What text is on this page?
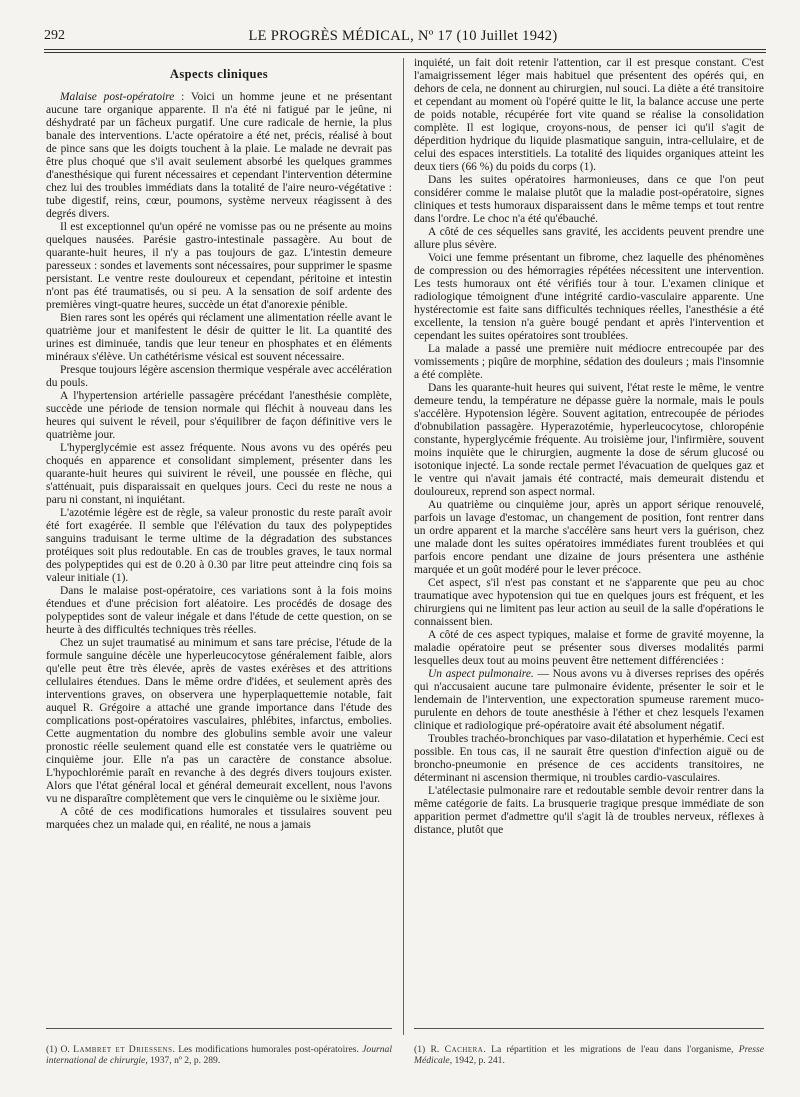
292	LE PROGRÈS MÉDICAL, Nº 17 (10 Juillet 1942)
Aspects cliniques

Malaise post-opératoire : Voici un homme jeune et ne présentant aucune tare organique apparente. Il n'a été ni fatigué par le jeûne, ni déshydraté par un fâcheux purgatif. Une cure radicale de hernie, la plus banale des interventions. L'acte opératoire a été net, précis, réalisé à bout de pince sans que les doigts touchent à la plaie. Le malade ne devrait pas être plus choqué que s'il avait seulement absorbé les quelques grammes d'anesthésique qui furent nécessaires et cependant l'intervention détermine chez lui des troubles immédiats dans la totalité de l'aire neuro-végétative : tube digestif, reins, cœur, poumons, système nerveux réagissent à des degrés divers.

Il est exceptionnel qu'un opéré ne vomisse pas ou ne présente au moins quelques nausées. Parésie gastro-intestinale passagère. Au bout de quarante-huit heures, il n'y a pas toujours de gaz. L'intestin demeure paresseux : sondes et lavements sont nécessaires, pour supprimer le spasme persistant. Le ventre reste douloureux et cependant, péritoine et intestin n'ont pas été traumatisés, ou si peu. A la sensation de soif ardente des premières vingt-quatre heures, succède un état d'anorexie pénible.

Bien rares sont les opérés qui réclament une alimentation réelle avant le quatrième jour et manifestent le désir de quitter le lit. La quantité des urines est diminuée, tandis que leur teneur en phosphates et en éléments minéraux s'élève. Un cathétérisme vésical est souvent nécessaire.

Presque toujours légère ascension thermique vespérale avec accélération du pouls.

A l'hypertension artérielle passagère précédant l'anesthésie complète, succède une période de tension normale qui fléchit à nouveau dans les heures qui suivent le réveil, pour s'équilibrer de façon définitive vers le quatrième jour.

L'hyperglycémie est assez fréquente. Nous avons vu des opérés peu choqués en apparence et consolidant simplement, présenter dans les quarante-huit heures qui suivirent le réveil, une poussée en flèche, qui s'atténuait, puis disparaissait en quelques jours. Ceci du reste ne nous a paru ni constant, ni inquiétant.

L'azotémie légère est de règle, sa valeur pronostic du reste paraît avoir été fort exagérée. Il semble que l'élévation du taux des polypeptides sanguins traduisant le terme ultime de la dégradation des substances protéiques soit plus redoutable. En cas de troubles graves, le taux normal des polypeptides qui est de 0.20 à 0.30 par litre peut atteindre cinq fois sa valeur initiale (1).

Dans le malaise post-opératoire, ces variations sont à la fois moins étendues et d'une précision fort aléatoire. Les procédés de dosage des polypeptides sont de valeur inégale et dans l'étude de cette question, on se heurte à des difficultés techniques très réelles.

Chez un sujet traumatisé au minimum et sans tare précise, l'étude de la formule sanguine décèle une hyperleucocytose généralement faible, alors qu'elle peut être très élevée, après de vastes exérèses et des attritions cellulaires étendues. Dans le même ordre d'idées, et seulement après des interventions graves, on observera une hyperplaquettemie notable, fait auquel R. Grégoire a attaché une grande importance dans l'étude des complications post-opératoires vasculaires, phlébites, infarctus, embolies. Cette augmentation du nombre des globulins semble avoir une valeur pronostic réelle seulement quand elle est constatée vers le quatrième ou cinquième jour. Elle n'a pas un caractère de constance absolue. L'hypochlorémie paraît en revanche à des degrés divers toujours exister. Alors que l'état général local et général demeurait excellent, nous l'avons vu ne disparaître complètement que vers le cinquième ou le sixième jour.

A côté de ces modifications humorales et tissulaires souvent peu marquées chez un malade qui, en réalité, ne nous a jamais

inquiété, un fait doit retenir l'attention, car il est presque constant. C'est l'amaigrissement léger mais habituel que présentent des opérés qui, en dehors de cela, ne donnent au chirurgien, nul souci. La diète a été transitoire et cependant au moment où l'opéré quitte le lit, la balance accuse une perte de poids notable, récupérée fort vite quand se réalise la consolidation complète. Il est logique, croyons-nous, de penser ici qu'il s'agit de déperdition hydrique du liquide plasmatique sanguin, intra-cellulaire, et de celui des espaces interstitiels. La totalité des liquides organiques atteint les deux tiers (66 %) du poids du corps (1).

Dans les suites opératoires harmonieuses, dans ce que l'on peut considérer comme le malaise plutôt que la maladie post-opératoire, signes cliniques et tests humoraux disparaissent dans le même temps et tout rentre dans l'ordre. Le choc n'a été qu'ébauché.

A côté de ces séquelles sans gravité, les accidents peuvent prendre une allure plus sévère.

Voici une femme présentant un fibrome, chez laquelle des phénomènes de compression ou des hémorragies répétées nécessitent une intervention. Les tests humoraux ont été vérifiés tour à tour. L'examen clinique et radiologique témoignent d'une intégrité cardio-vasculaire apparente. Une hystérectomie est faite sans difficultés techniques réelles, l'anesthésie a été excellente, la tension n'a guère bougé pendant et après l'intervention et cependant les suites opératoires sont troublées.

La malade a passé une première nuit médiocre entrecoupée par des vomissements ; piqûre de morphine, sédation des douleurs ; mais l'insomnie a été complète.

Dans les quarante-huit heures qui suivent, l'état reste le même, le ventre demeure tendu, la température ne dépasse guère la normale, mais le pouls s'accélère. Hypotension légère. Souvent agitation, entrecoupée de périodes d'obnubilation passagère. Hyperazotémie, hyperleucocytose, chloropénie constante, hyperglycémie fréquente. Au troisième jour, l'infirmière, souvent moins inquiète que le chirurgien, augmente la dose de sérum glucosé ou isotonique injecté. La sonde rectale permet l'évacuation de quelques gaz et le ventre qui n'avait jamais été contracté, mais demeurait distendu et douloureux, reprend son aspect normal.

Au quatrième ou cinquième jour, après un apport sérique renouvelé, parfois un lavage d'estomac, un changement de position, font rentrer dans un ordre apparent et la marche s'accélère sans heurt vers la guérison, chez une malade dont les suites opératoires immédiates furent troublées et qui parfois encore pendant une dizaine de jours présentera une asthénie marquée et un goût modéré pour le lever précoce.

Cet aspect, s'il n'est pas constant et ne s'apparente que peu au choc traumatique avec hypotension qui tue en quelques jours est fréquent, et les chirurgiens qui ne limitent pas leur action au seuil de la salle d'opérations le connaissent bien.

A côté de ces aspect typiques, malaise et forme de gravité moyenne, la maladie opératoire peut se présenter sous diverses modalités parmi lesquelles deux tout au moins peuvent être nettement différenciées :

Un aspect pulmonaire. — Nous avons vu à diverses reprises des opérés qui n'accusaient aucune tare pulmonaire évidente, présenter le soir et le lendemain de l'intervention, une expectoration spumeuse rarement muco-purulente en dehors de toute anesthésie à l'éther et chez lesquels l'examen clinique et radiologique pré-opératoire avait été absolument négatif.

Troubles trachéo-bronchiques par vaso-dilatation et hyperhémie. Ceci est possible. En tous cas, il ne saurait être question d'infection aiguë ou de broncho-pneumonie en présence de ces accidents transitoires, ne déterminant ni ascension thermique, ni troubles cardio-vasculaires.

L'atélectasie pulmonaire rare et redoutable semble devoir rentrer dans la même catégorie de faits. La brusquerie tragique presque immédiate de son apparition permet d'admettre qu'il s'agit là de troubles nerveux, réflexes à distance, plutôt que

(1) O. Lambret et Driessens. Les modifications humorales post-opératoires. Journal international de chirurgie, 1937, nº 2, p. 289.
(1) R. Cachera. La répartition et les migrations de l'eau dans l'organisme, Presse Médicale, 1942, p. 241.
